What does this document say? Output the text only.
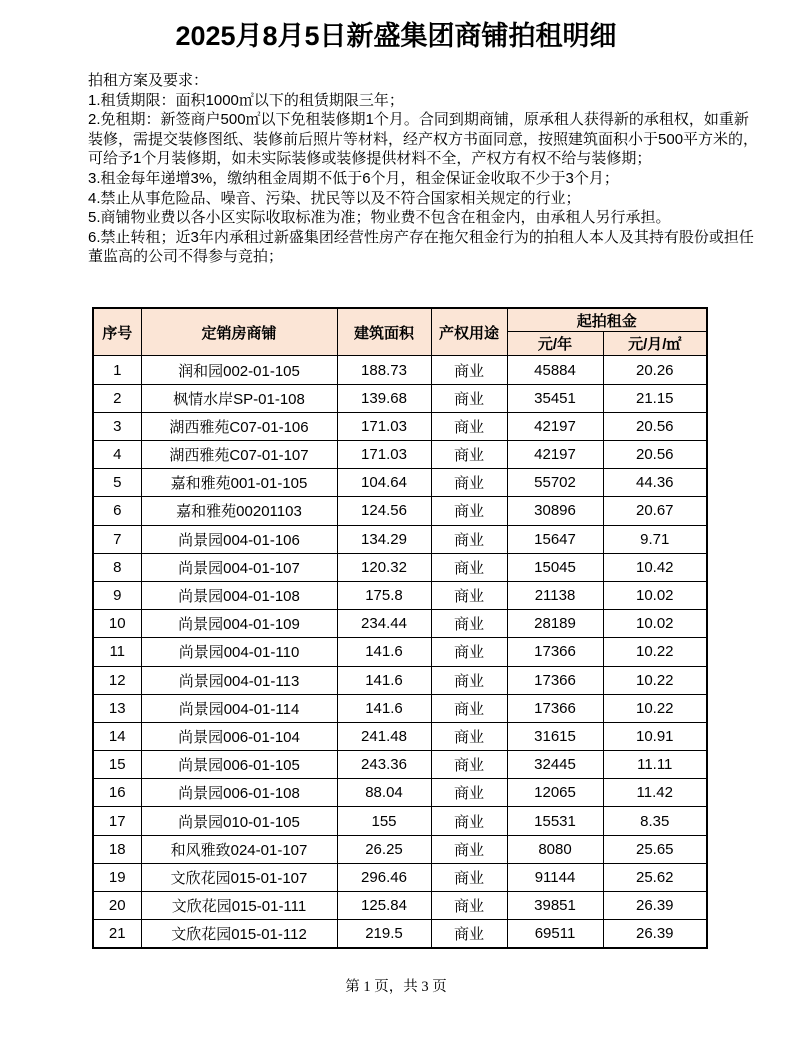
2025月8月5日新盛集团商铺拍租明细
拍租方案及要求：
1.租赁期限：面积1000㎡以下的租赁期限三年；
2.免租期：新签商户500㎡以下免租装修期1个月。合同到期商铺，原承租人获得新的承租权，如重新
装修，需提交装修图纸、装修前后照片等材料，经产权方书面同意，按照建筑面积小于500平方米的，
可给予1个月装修期，如未实际装修或装修提供材料不全，产权方有权不给与装修期；
3.租金每年递增3%，缴纳租金周期不低于6个月，租金保证金收取不少于3个月；
4.禁止从事危险品、噪音、污染、扰民等以及不符合国家相关规定的行业；
5.商铺物业费以各小区实际收取标准为准；物业费不包含在租金内，由承租人另行承担。
6.禁止转租；近3年内承租过新盛集团经营性房产存在拖欠租金行为的拍租人本人及其持有股份或担任
董监高的公司不得参与竞拍；
序号	定销房商铺	建筑面积	产权用途	起拍租金	
				元/年	元/月/㎡
1	润和园002-01-105	188.73	商业	45884	20.26
2	枫情水岸SP-01-108	139.68	商业	35451	21.15
3	湖西雅苑C07-01-106	171.03	商业	42197	20.56
4	湖西雅苑C07-01-107	171.03	商业	42197	20.56
5	嘉和雅苑001-01-105	104.64	商业	55702	44.36
6	嘉和雅苑00201103	124.56	商业	30896	20.67
7	尚景园004-01-106	134.29	商业	15647	9.71
8	尚景园004-01-107	120.32	商业	15045	10.42
9	尚景园004-01-108	175.8	商业	21138	10.02
10	尚景园004-01-109	234.44	商业	28189	10.02
11	尚景园004-01-110	141.6	商业	17366	10.22
12	尚景园004-01-113	141.6	商业	17366	10.22
13	尚景园004-01-114	141.6	商业	17366	10.22
14	尚景园006-01-104	241.48	商业	31615	10.91
15	尚景园006-01-105	243.36	商业	32445	11.11
16	尚景园006-01-108	88.04	商业	12065	11.42
17	尚景园010-01-105	155	商业	15531	8.35
18	和风雅致024-01-107	26.25	商业	8080	25.65
19	文欣花园015-01-107	296.46	商业	91144	25.62
20	文欣花园015-01-111	125.84	商业	39851	26.39
21	文欣花园015-01-112	219.5	商业	69511	26.39
第 1 页，共 3 页
